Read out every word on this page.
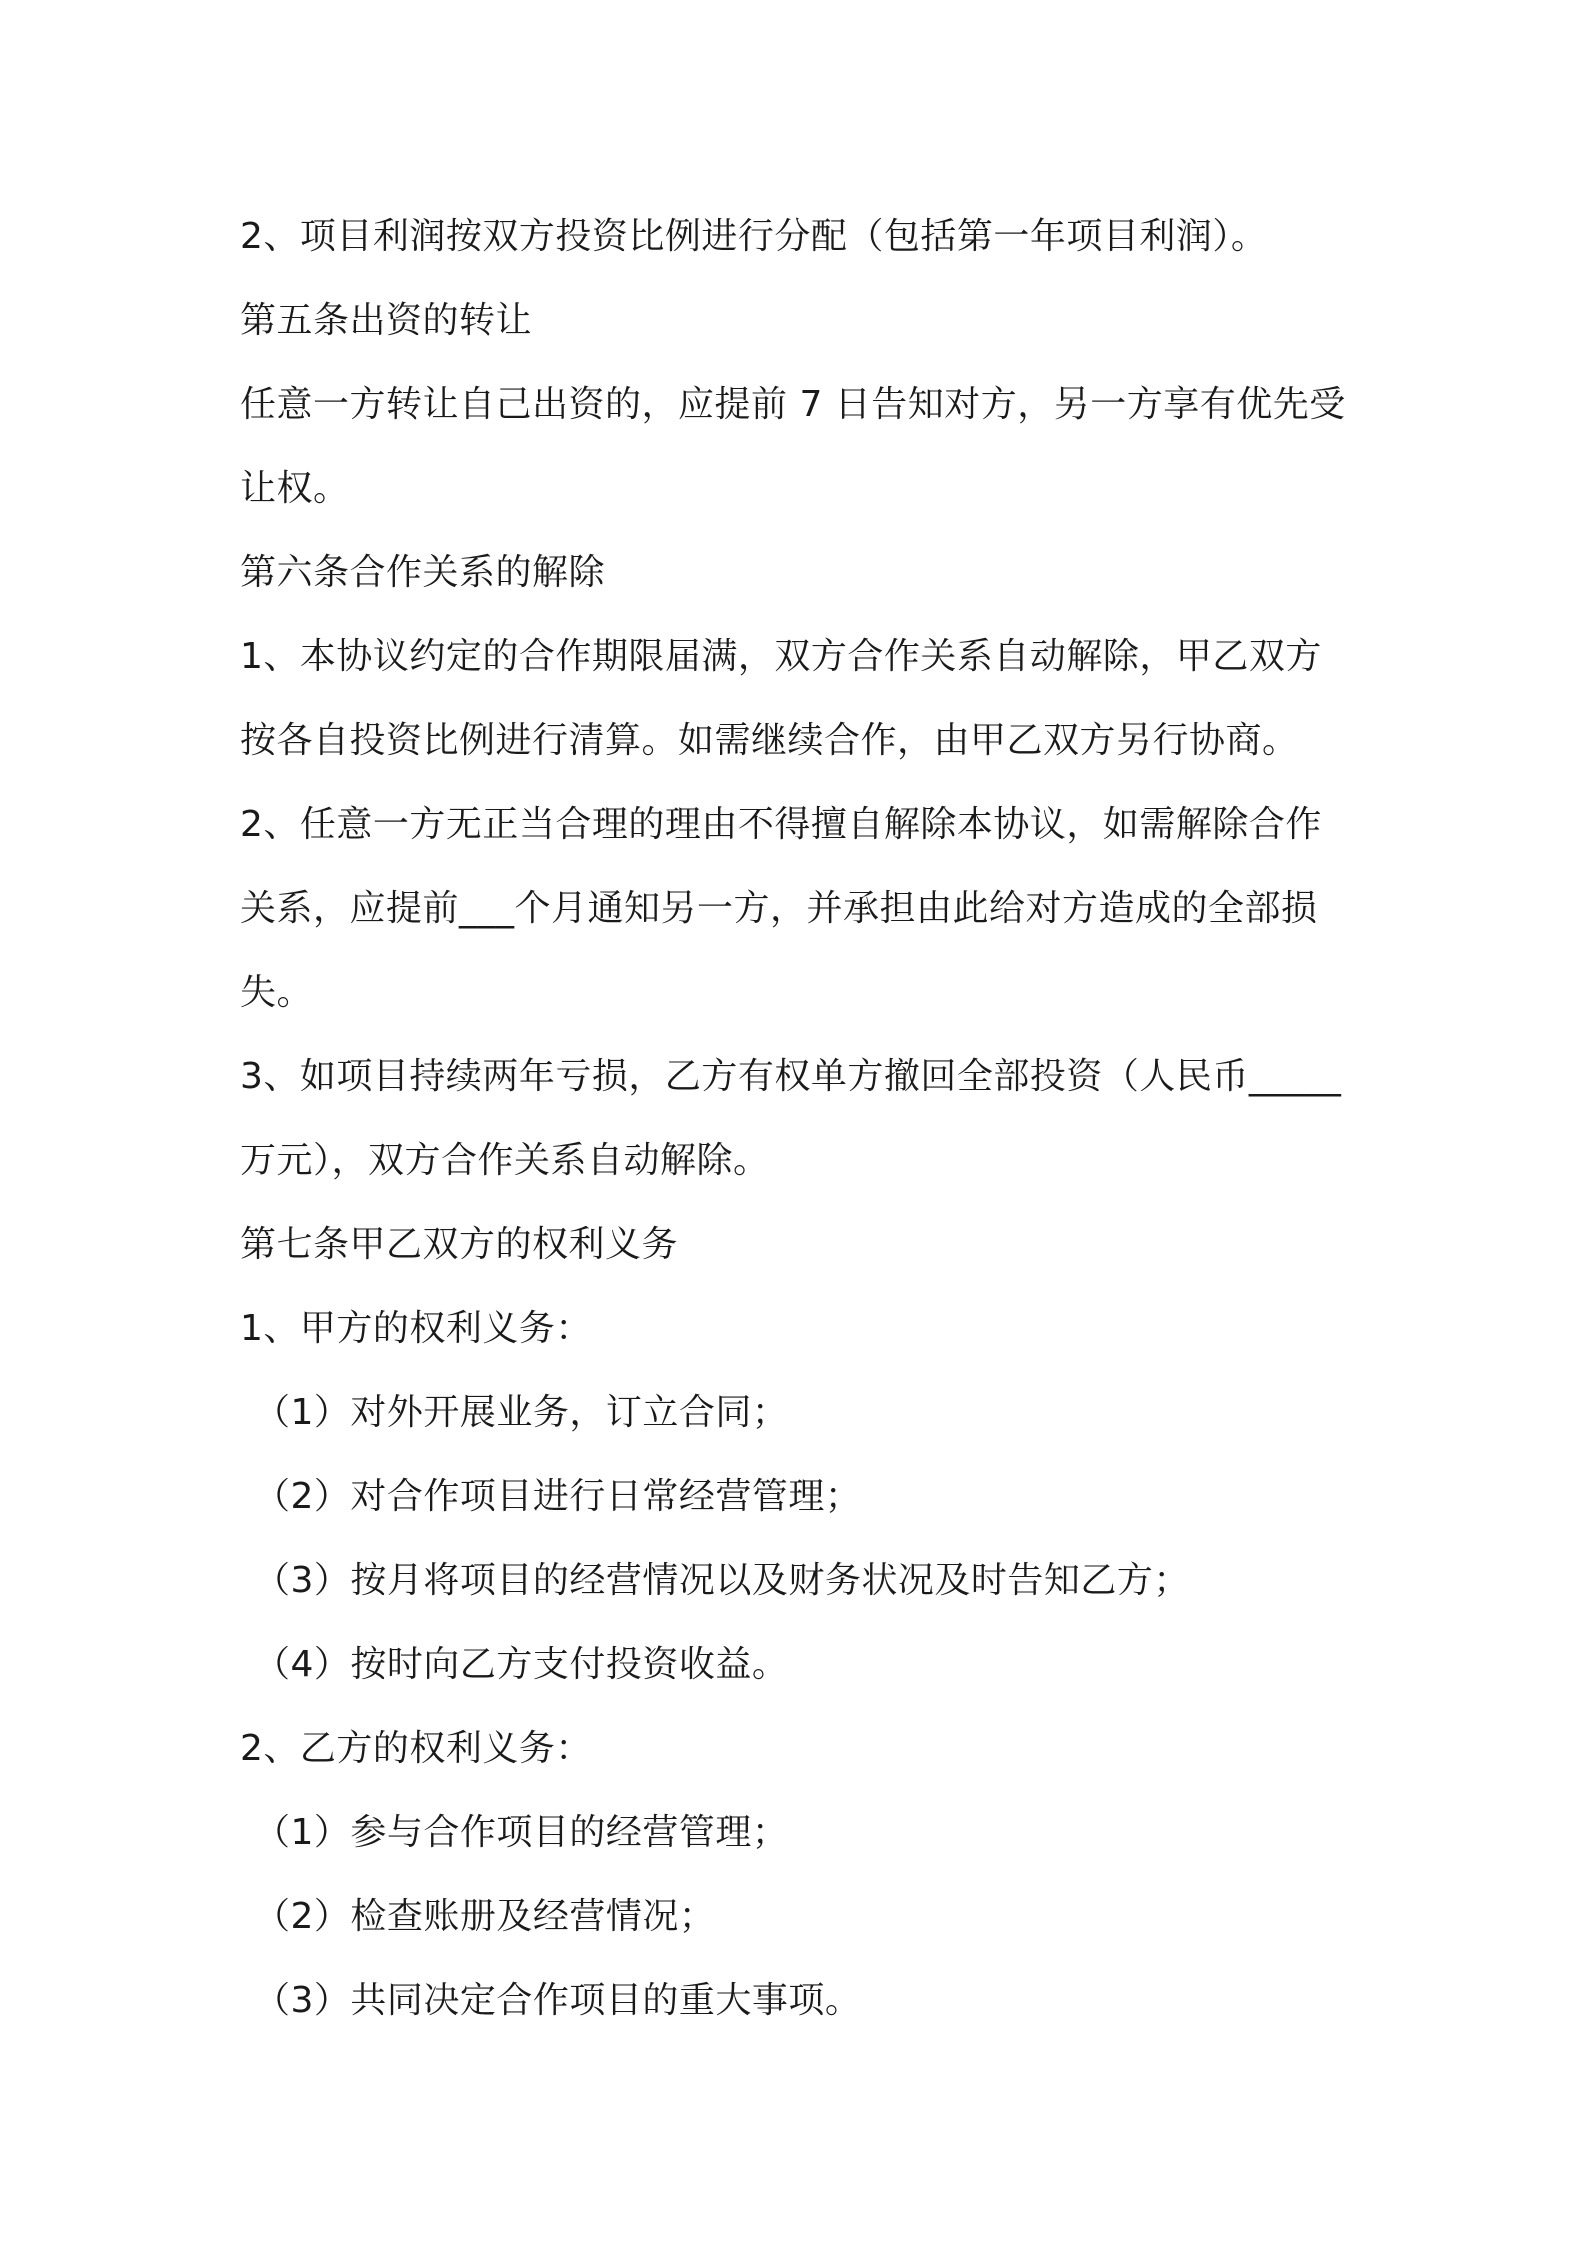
2、项目利润按双方投资比例进行分配（包括第一年项目利润）。
第五条出资的转让
任意一方转让自己出资的，应提前 7 日告知对方，另一方享有优先受
让权。
第六条合作关系的解除
1、本协议约定的合作期限届满，双方合作关系自动解除，甲乙双方
按各自投资比例进行清算。如需继续合作，由甲乙双方另行协商。
2、任意一方无正当合理的理由不得擅自解除本协议，如需解除合作
关系，应提前___个月通知另一方，并承担由此给对方造成的全部损
失。
3、如项目持续两年亏损，乙方有权单方撤回全部投资（人民币_____
万元），双方合作关系自动解除。
第七条甲乙双方的权利义务
1、甲方的权利义务：
（1）对外开展业务，订立合同；
（2）对合作项目进行日常经营管理；
（3）按月将项目的经营情况以及财务状况及时告知乙方；
（4）按时向乙方支付投资收益。
2、乙方的权利义务：
（1）参与合作项目的经营管理；
（2）检查账册及经营情况；
（3）共同决定合作项目的重大事项。
